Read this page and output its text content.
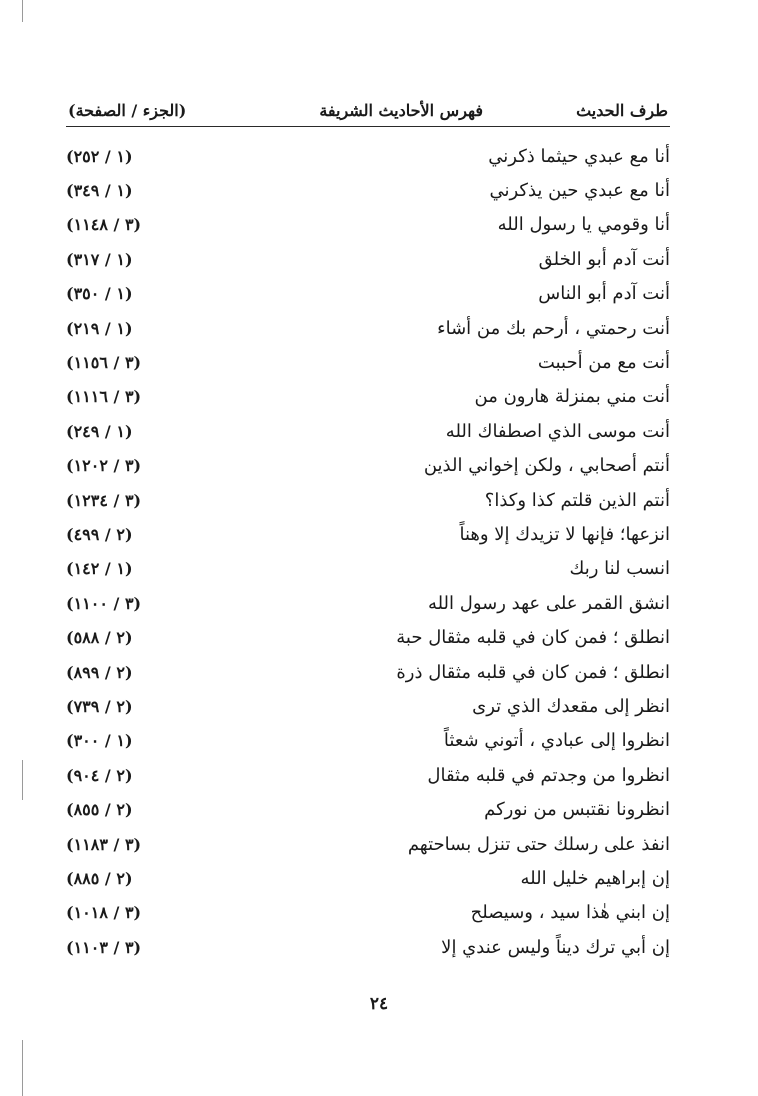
طرف الحديث
فهرس الأحاديث الشريفة
(الجزء / الصفحة)
أنا مع عبدي حيثما ذكرني
(١ / ٢٥٢)
أنا مع عبدي حين يذكرني
(١ / ٣٤٩)
أنا وقومي يا رسول الله
(٣ / ١١٤٨)
أنت آدم أبو الخلق
(١ / ٣١٧)
أنت آدم أبو الناس
(١ / ٣٥٠)
أنت رحمتي ، أرحم بك من أشاء
(١ / ٢١٩)
أنت مع من أحببت
(٣ / ١١٥٦)
أنت مني بمنزلة هارون من
(٣ / ١١١٦)
أنت موسى الذي اصطفاك الله
(١ / ٢٤٩)
أنتم أصحابي ، ولكن إخواني الذين
(٣ / ١٢٠٢)
أنتم الذين قلتم كذا وكذا؟
(٣ / ١٢٣٤)
انزعها؛ فإنها لا تزيدك إلا وهناً
(٢ / ٤٩٩)
انسب لنا ربك
(١ / ١٤٢)
انشق القمر على عهد رسول الله
(٣ / ١١٠٠)
انطلق ؛ فمن كان في قلبه مثقال حبة
(٢ / ٥٨٨)
انطلق ؛ فمن كان في قلبه مثقال ذرة
(٢ / ٨٩٩)
انظر إلى مقعدك الذي ترى
(٢ / ٧٣٩)
انظروا إلى عبادي ، أتوني شعثاً
(١ / ٣٠٠)
انظروا من وجدتم في قلبه مثقال
(٢ / ٩٠٤)
انظرونا نقتبس من نوركم
(٢ / ٨٥٥)
انفذ على رسلك حتى تنزل بساحتهم
(٣ / ١١٨٣)
إن إبراهيم خليل الله
(٢ / ٨٨٥)
إن ابني هٰذا سيد ، وسيصلح
(٣ / ١٠١٨)
إن أبي ترك ديناً وليس عندي إلا
(٣ / ١١٠٣)
٢٤
